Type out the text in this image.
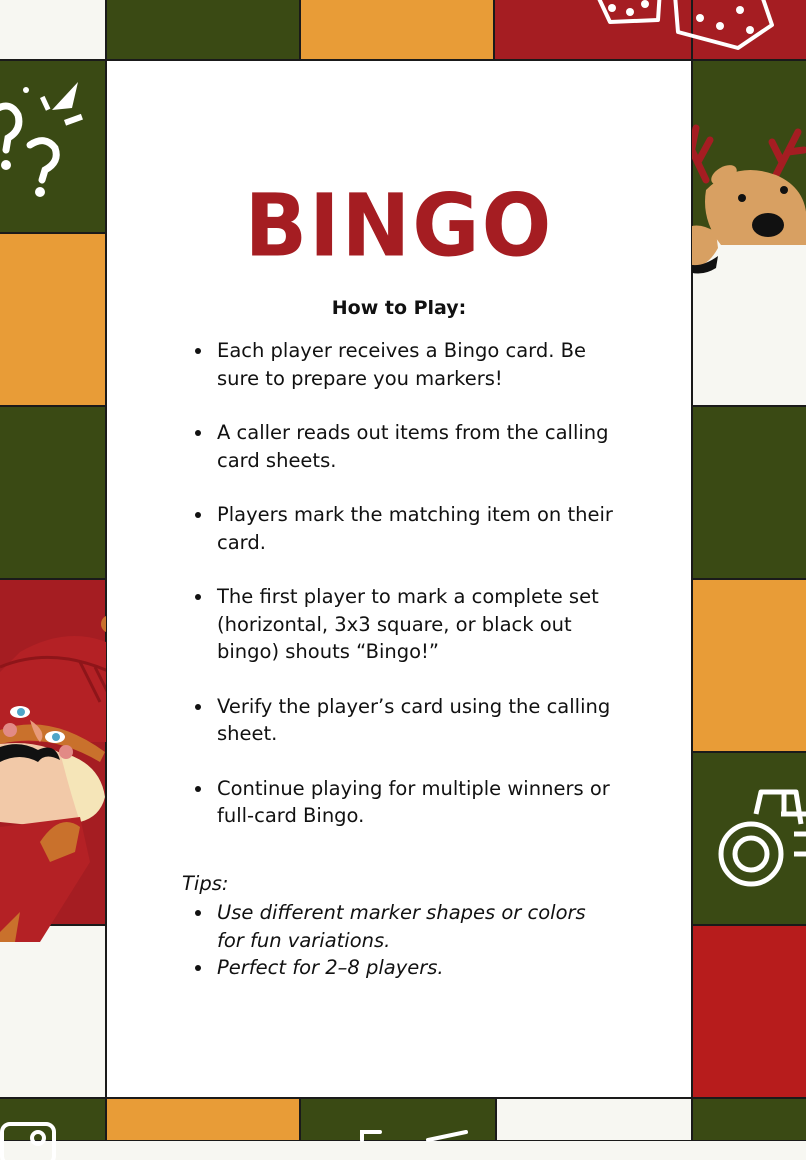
BINGO
How to Play:
Each player receives a Bingo card. Be sure to prepare you markers!
A caller reads out items from the calling card sheets.
Players mark the matching item on their card.
The first player to mark a complete set (horizontal, 3x3 square, or black out bingo) shouts “Bingo!”
Verify the player’s card using the calling sheet.
Continue playing for multiple winners or full-card Bingo.
Tips:
Use different marker shapes or colors for fun variations.
Perfect for 2–8 players.
